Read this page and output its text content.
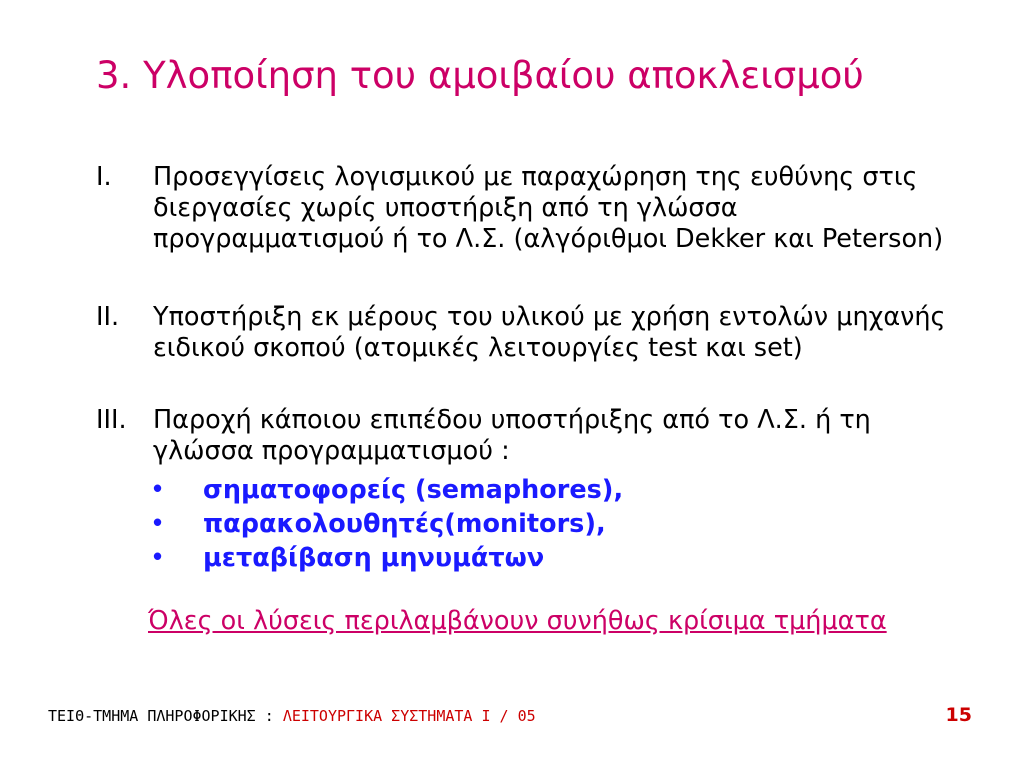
3. Υλοποίηση του αμοιβαίου αποκλεισμού
I.	Προσεγγίσεις λογισμικού με παραχώρηση της ευθύνης στις διεργασίες χωρίς υποστήριξη από τη γλώσσα προγραμματισμού ή το Λ.Σ. (αλγόριθμοι Dekker και Peterson)
II.	Υποστήριξη εκ μέρους του υλικού με χρήση εντολών μηχανής ειδικού σκοπού (ατομικές λειτουργίες test και set)
III.	Παροχή κάποιου επιπέδου υποστήριξης από το Λ.Σ. ή τη γλώσσα προγραμματισμού :
•	σηματοφορείς (semaphores),
•	παρακολουθητές(monitors),
•	μεταβίβαση μηνυμάτων
Όλες οι λύσεις περιλαμβάνουν συνήθως κρίσιμα τμήματα
ΤΕΙΘ-ΤΜΗΜΑ ΠΛΗΡΟΦΟΡΙΚΗΣ : ΛΕΙΤΟΥΡΓΙΚΑ ΣΥΣΤΗΜΑΤΑ Ι / 05	15
